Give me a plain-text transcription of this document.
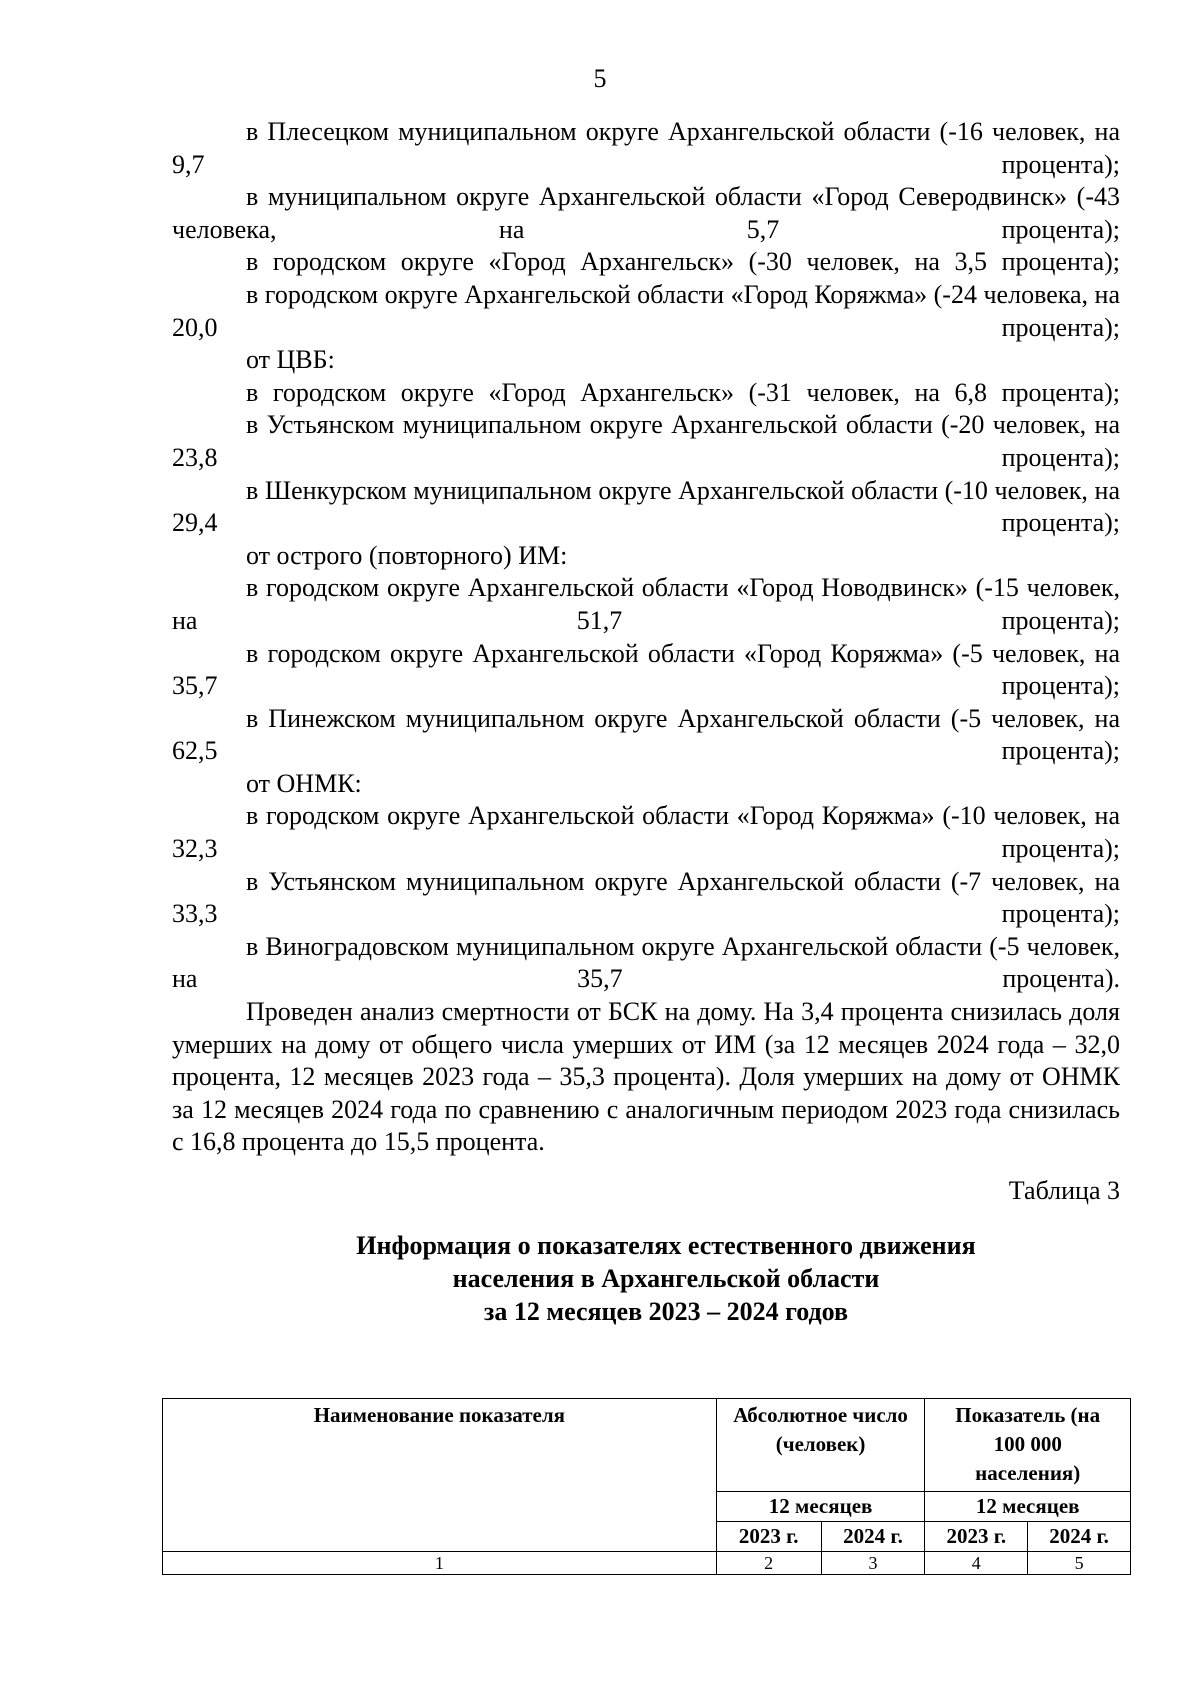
5

в Плесецком муниципальном округе Архангельской области (-16 человек, на 9,7 процента);

в муниципальном округе Архангельской области «Город Северодвинск» (-43 человека, на 5,7 процента);

в городском округе «Город Архангельск» (-30 человек, на 3,5 процента);

в городском округе Архангельской области «Город Коряжма» (-24 человека, на 20,0 процента);

от ЦВБ:

в городском округе «Город Архангельск» (-31 человек, на 6,8 процента);

в Устьянском муниципальном округе Архангельской области (-20 человек, на 23,8 процента);

в Шенкурском муниципальном округе Архангельской области (-10 человек, на 29,4 процента);

от острого (повторного) ИМ:

в городском округе Архангельской области «Город Новодвинск» (-15 человек, на 51,7 процента);

в городском округе Архангельской области «Город Коряжма» (-5 человек, на 35,7 процента);

в Пинежском муниципальном округе Архангельской области (-5 человек, на 62,5 процента);

от ОНМК:

в городском округе Архангельской области «Город Коряжма» (-10 человек, на 32,3 процента);

в Устьянском муниципальном округе Архангельской области (-7 человек, на 33,3 процента);

в Виноградовском муниципальном округе Архангельской области (-5 человек, на 35,7 процента).

Проведен анализ смертности от БСК на дому. На 3,4 процента снизилась доля умерших на дому от общего числа умерших от ИМ (за 12 месяцев 2024 года – 32,0 процента, 12 месяцев 2023 года – 35,3 процента). Доля умерших на дому от ОНМК за 12 месяцев 2024 года по сравнению с аналогичным периодом 2023 года снизилась с 16,8 процента до 15,5 процента.

Таблица 3
Информация о показателях естественного движения
населения в Архангельской области
за 12 месяцев 2023 – 2024 годов
Наименование показателя	Абсолютное число (человек)		Показатель (на 100 000 населения)	
	12 месяцев		12 месяцев	
	2023 г.	2024 г.	2023 г.	2024 г.
1	2	3	4	5
